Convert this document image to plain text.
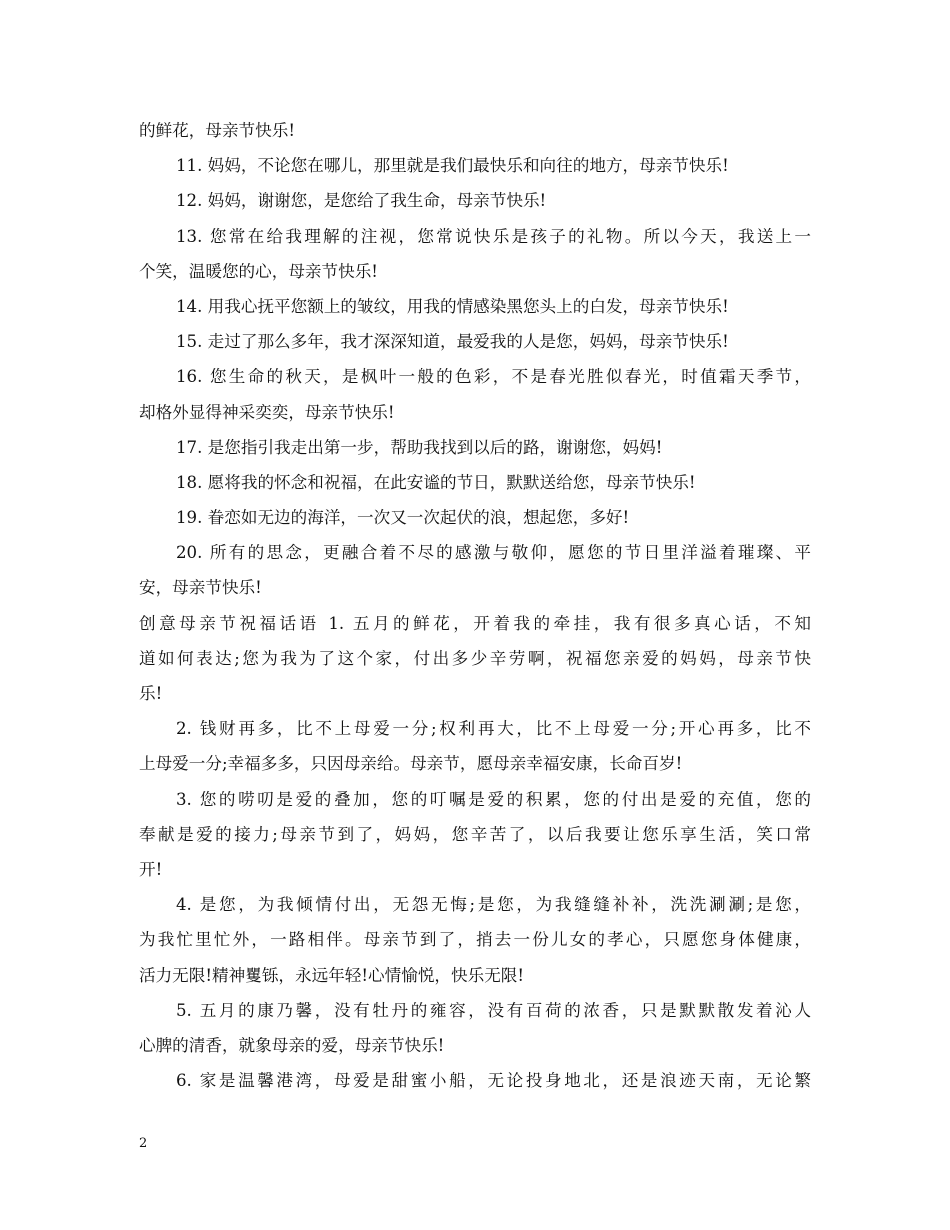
的鲜花，母亲节快乐!
11. 妈妈，不论您在哪儿，那里就是我们最快乐和向往的地方，母亲节快乐!
12. 妈妈，谢谢您，是您给了我生命，母亲节快乐!
13. 您常在给我理解的注视，您常说快乐是孩子的礼物。所以今天，我送上一
个笑，温暖您的心，母亲节快乐!
14. 用我心抚平您额上的皱纹，用我的情感染黑您头上的白发，母亲节快乐!
15. 走过了那么多年，我才深深知道，最爱我的人是您，妈妈，母亲节快乐!
16. 您生命的秋天，是枫叶一般的色彩，不是春光胜似春光，时值霜天季节，
却格外显得神采奕奕，母亲节快乐!
17. 是您指引我走出第一步，帮助我找到以后的路，谢谢您，妈妈!
18. 愿将我的怀念和祝福，在此安谧的节日，默默送给您，母亲节快乐!
19. 眷恋如无边的海洋，一次又一次起伏的浪，想起您，多好!
20. 所有的思念，更融合着不尽的感激与敬仰，愿您的节日里洋溢着璀璨、平
安，母亲节快乐!
创意母亲节祝福话语 1. 五月的鲜花，开着我的牵挂，我有很多真心话，不知
道如何表达;您为我为了这个家，付出多少辛劳啊，祝福您亲爱的妈妈，母亲节快
乐!
2. 钱财再多，比不上母爱一分;权利再大，比不上母爱一分;开心再多，比不
上母爱一分;幸福多多，只因母亲给。母亲节，愿母亲幸福安康，长命百岁!
3. 您的唠叨是爱的叠加，您的叮嘱是爱的积累，您的付出是爱的充值，您的
奉献是爱的接力;母亲节到了，妈妈，您辛苦了，以后我要让您乐享生活，笑口常
开!
4. 是您，为我倾情付出，无怨无悔;是您，为我缝缝补补，洗洗涮涮;是您，
为我忙里忙外，一路相伴。母亲节到了，捎去一份儿女的孝心，只愿您身体健康，
活力无限!精神矍铄，永远年轻!心情愉悦，快乐无限!
5. 五月的康乃馨，没有牡丹的雍容，没有百荷的浓香，只是默默散发着沁人
心脾的清香，就象母亲的爱，母亲节快乐!
6. 家是温馨港湾，母爱是甜蜜小船，无论投身地北，还是浪迹天南，无论繁
2
